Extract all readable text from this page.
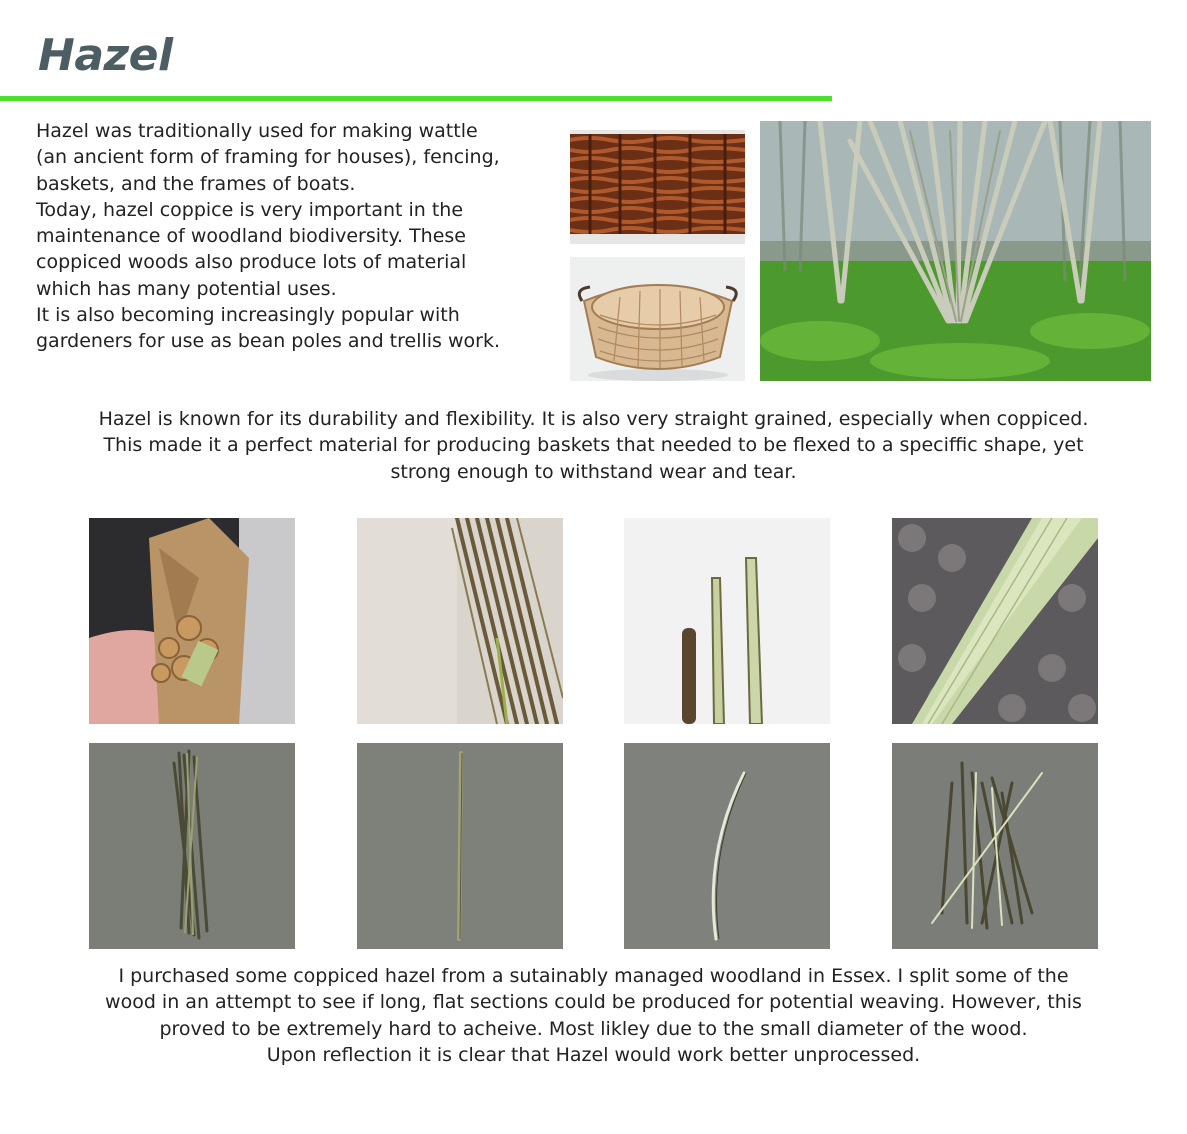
Hazel

Hazel was traditionally used for making wattle

(an ancient form of framing for houses), fencing,

baskets, and the frames of boats.

Today, hazel coppice is very important in the

maintenance of woodland biodiversity. These

coppiced woods also produce lots of material

which has many potential uses.

It is also becoming increasingly popular with

gardeners for use as bean poles and trellis work.

Hazel is known for its durability and flexibility. It is also very straight grained, especially when coppiced.

This made it a perfect material for producing baskets that needed to be flexed to a speciffic shape, yet

strong enough to withstand wear and tear.

I purchased some coppiced hazel from a sutainably managed woodland in Essex. I split some of the

wood in an attempt to see if long, flat sections could be produced for potential weaving. However, this

proved to be extremely hard to acheive. Most likley due to the small diameter of the wood.

Upon reflection it is clear that Hazel would work better unprocessed.
